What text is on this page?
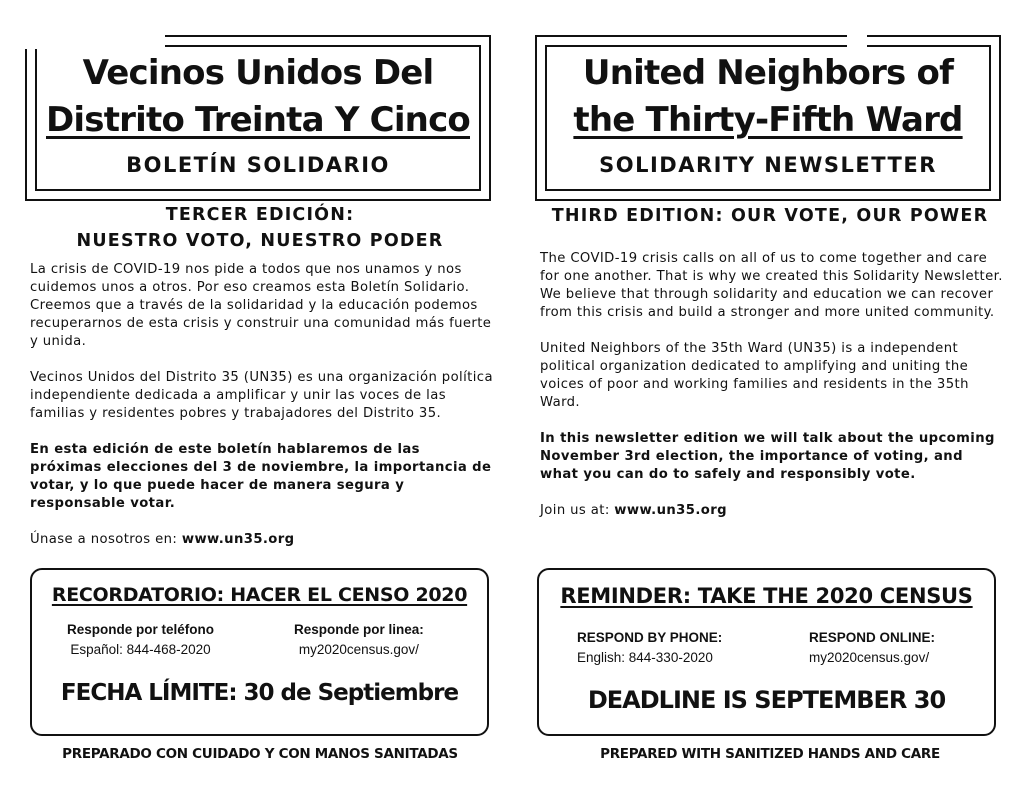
Vecinos Unidos Del
Distrito Treinta Y Cinco
BOLETÍN SOLIDARIO
TERCER EDICIÓN:
NUESTRO VOTO, NUESTRO PODER

La crisis de COVID-19 nos pide a todos que nos unamos y nos cuidemos unos a otros. Por eso creamos esta Boletín Solidario. Creemos que a través de la solidaridad y la educación podemos recuperarnos de esta crisis y construir una comunidad más fuerte y unida.

Vecinos Unidos del Distrito 35 (UN35) es una organización política independiente dedicada a amplificar y unir las voces de las familias y residentes pobres y trabajadores del Distrito 35.

En esta edición de este boletín hablaremos de las próximas elecciones del 3 de noviembre, la importancia de votar, y lo que puede hacer de manera segura y responsable votar.

Únase a nosotros en: www.un35.org

RECORDATORIO: HACER EL CENSO 2020
Responde por teléfono
Español: 844-468-2020
Responde por linea:
my2020census.gov/
FECHA LÍMITE: 30 de Septiembre
PREPARADO CON CUIDADO Y CON MANOS SANITADAS
United Neighbors of
the Thirty-Fifth Ward
SOLIDARITY NEWSLETTER
THIRD EDITION: OUR VOTE, OUR POWER

The COVID-19 crisis calls on all of us to come together and care for one another. That is why we created this Solidarity Newsletter. We believe that through solidarity and education we can recover from this crisis and build a stronger and more united community.

United Neighbors of the 35th Ward (UN35) is a independent political organization dedicated to amplifying and uniting the voices of poor and working families and residents in the 35th Ward.

In this newsletter edition we will talk about the upcoming November 3rd election, the importance of voting, and what you can do to safely and responsibly vote.

Join us at: www.un35.org

REMINDER: TAKE THE 2020 CENSUS
RESPOND BY PHONE:
English: 844-330-2020
RESPOND ONLINE:
my2020census.gov/
DEADLINE IS SEPTEMBER 30
PREPARED WITH SANITIZED HANDS AND CARE
